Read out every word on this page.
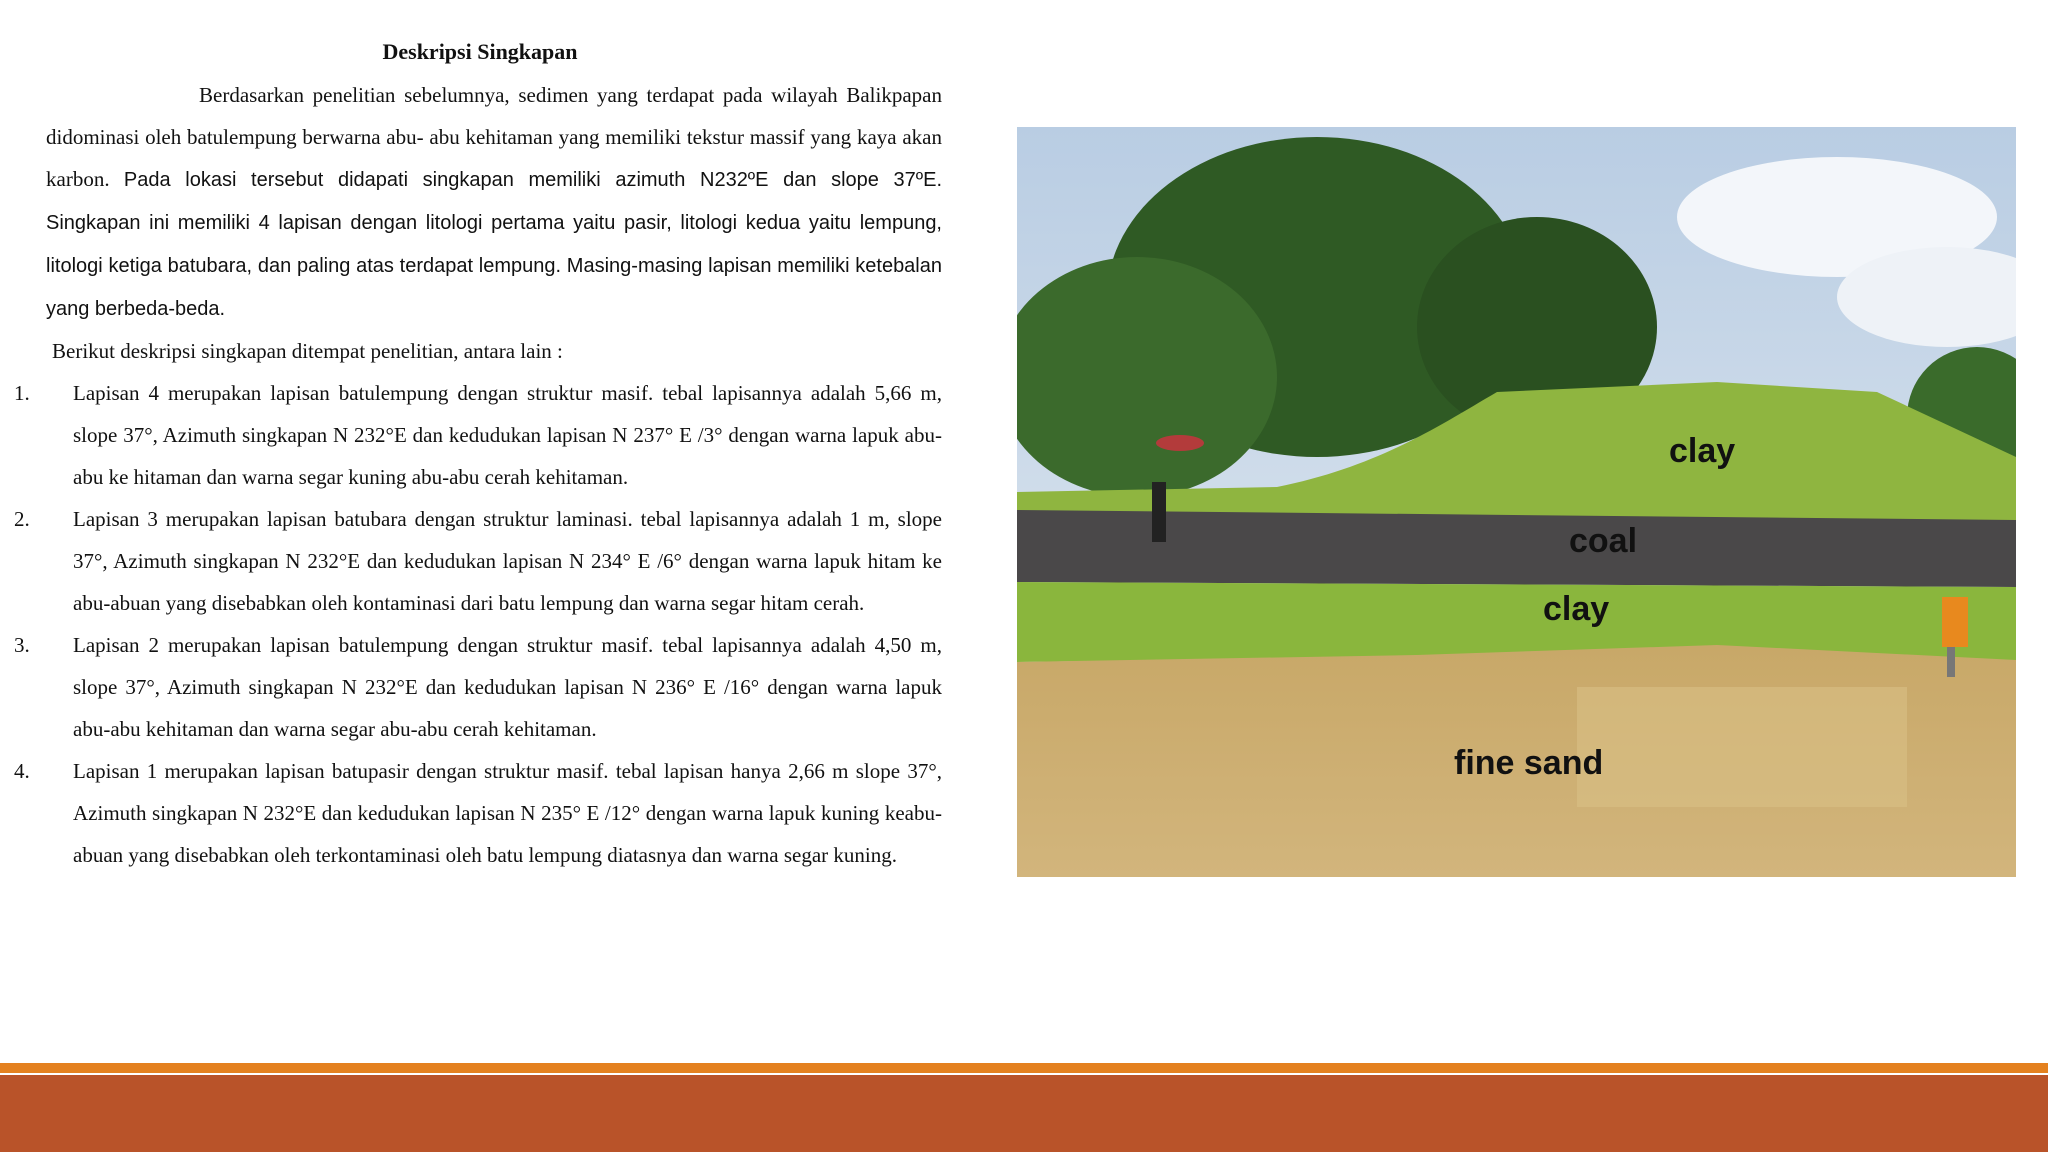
Deskripsi Singkapan

Berdasarkan penelitian sebelumnya, sedimen yang terdapat pada wilayah Balikpapan didominasi oleh batulempung berwarna abu- abu kehitaman yang memiliki tekstur massif yang kaya akan karbon. Pada lokasi tersebut didapati singkapan memiliki azimuth N232ºE dan slope 37ºE. Singkapan ini memiliki 4 lapisan dengan litologi pertama yaitu pasir, litologi kedua yaitu lempung, litologi ketiga batubara, dan paling atas terdapat lempung. Masing-masing lapisan memiliki ketebalan yang berbeda-beda.

Berikut deskripsi singkapan ditempat penelitian, antara lain :
1. Lapisan 4 merupakan lapisan batulempung dengan struktur masif. tebal lapisannya adalah 5,66 m, slope 37°, Azimuth singkapan N 232°E dan kedudukan lapisan N 237° E /3° dengan warna lapuk abu-abu ke hitaman dan warna segar kuning abu-abu cerah kehitaman.
2. Lapisan 3 merupakan lapisan batubara dengan struktur laminasi. tebal lapisannya adalah 1 m, slope 37°, Azimuth singkapan N 232°E dan kedudukan lapisan N 234° E /6° dengan warna lapuk hitam ke abu-abuan yang disebabkan oleh kontaminasi dari batu lempung dan warna segar hitam cerah.
3. Lapisan 2 merupakan lapisan batulempung dengan struktur masif. tebal lapisannya adalah 4,50 m, slope 37°, Azimuth singkapan N 232°E dan kedudukan lapisan N 236° E /16° dengan warna lapuk abu-abu kehitaman dan warna segar abu-abu cerah kehitaman.
4. Lapisan 1 merupakan lapisan batupasir dengan struktur masif. tebal lapisan hanya 2,66 m slope 37°, Azimuth singkapan N 232°E dan kedudukan lapisan N 235° E /12° dengan warna lapuk kuning keabu-abuan yang disebabkan oleh terkontaminasi oleh batu lempung diatasnya dan warna segar kuning.
clay
coal
clay
fine sand
